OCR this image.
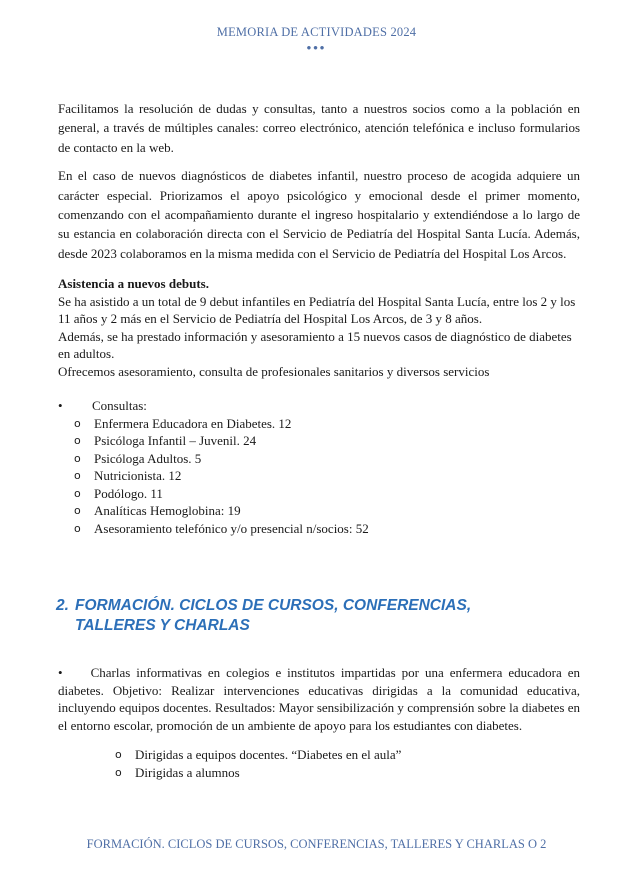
MEMORIA DE ACTIVIDADES 2024
•••

Facilitamos la resolución de dudas y consultas, tanto a nuestros socios como a la población en general, a través de múltiples canales: correo electrónico, atención telefónica e incluso formularios de contacto en la web.

En el caso de nuevos diagnósticos de diabetes infantil, nuestro proceso de acogida adquiere un carácter especial. Priorizamos el apoyo psicológico y emocional desde el primer momento, comenzando con el acompañamiento durante el ingreso hospitalario y extendiéndose a lo largo de su estancia en colaboración directa con el Servicio de Pediatría del Hospital Santa Lucía. Además, desde 2023 colaboramos en la misma medida con el Servicio de Pediatría del Hospital Los Arcos.

Asistencia a nuevos debuts.

Se ha asistido a un total de 9 debut infantiles en Pediatría del Hospital Santa Lucía, entre los 2 y los 11 años y 2 más en el Servicio de Pediatría del Hospital Los Arcos, de 3 y 8 años.

Además, se ha prestado información y asesoramiento a 15 nuevos casos de diagnóstico de diabetes en adultos.

Ofrecemos asesoramiento, consulta de profesionales sanitarios y diversos servicios

• Consultas:
o Enfermera Educadora en Diabetes. 12
o Psicóloga Infantil – Juvenil. 24
o Psicóloga Adultos. 5
o Nutricionista. 12
o Podólogo. 11
o Analíticas Hemoglobina: 19
o Asesoramiento telefónico y/o presencial n/socios: 52
2. FORMACIÓN. CICLOS DE CURSOS, CONFERENCIAS, TALLERES Y CHARLAS

• Charlas informativas en colegios e institutos impartidas por una enfermera educadora en diabetes. Objetivo: Realizar intervenciones educativas dirigidas a la comunidad educativa, incluyendo equipos docentes. Resultados: Mayor sensibilización y comprensión sobre la diabetes en el entorno escolar, promoción de un ambiente de apoyo para los estudiantes con diabetes.

o Dirigidas a equipos docentes. “Diabetes en el aula”
o Dirigidas a alumnos
FORMACIÓN. CICLOS DE CURSOS, CONFERENCIAS, TALLERES Y CHARLAS O 2
